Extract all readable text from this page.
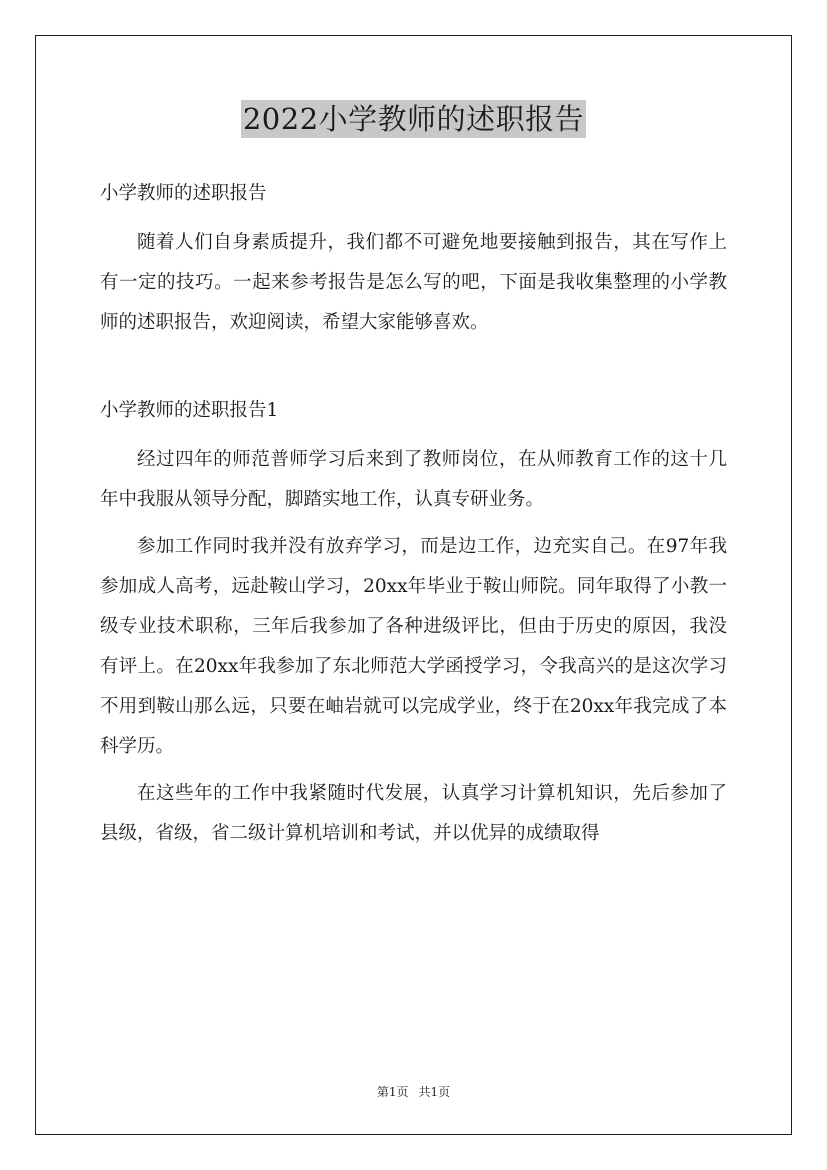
2022小学教师的述职报告

小学教师的述职报告

随着人们自身素质提升，我们都不可避免地要接触到报告，其在写作上有一定的技巧。一起来参考报告是怎么写的吧，下面是我收集整理的小学教师的述职报告，欢迎阅读，希望大家能够喜欢。

小学教师的述职报告1

经过四年的师范普师学习后来到了教师岗位，在从师教育工作的这十几年中我服从领导分配，脚踏实地工作，认真专研业务。

参加工作同时我并没有放弃学习，而是边工作，边充实自己。在97年我参加成人高考，远赴鞍山学习，20xx年毕业于鞍山师院。同年取得了小教一级专业技术职称，三年后我参加了各种进级评比，但由于历史的原因，我没有评上。在20xx年我参加了东北师范大学函授学习，令我高兴的是这次学习不用到鞍山那么远，只要在岫岩就可以完成学业，终于在20xx年我完成了本科学历。

在这些年的工作中我紧随时代发展，认真学习计算机知识，先后参加了县级，省级，省二级计算机培训和考试，并以优异的成绩取得

第1页 共1页
